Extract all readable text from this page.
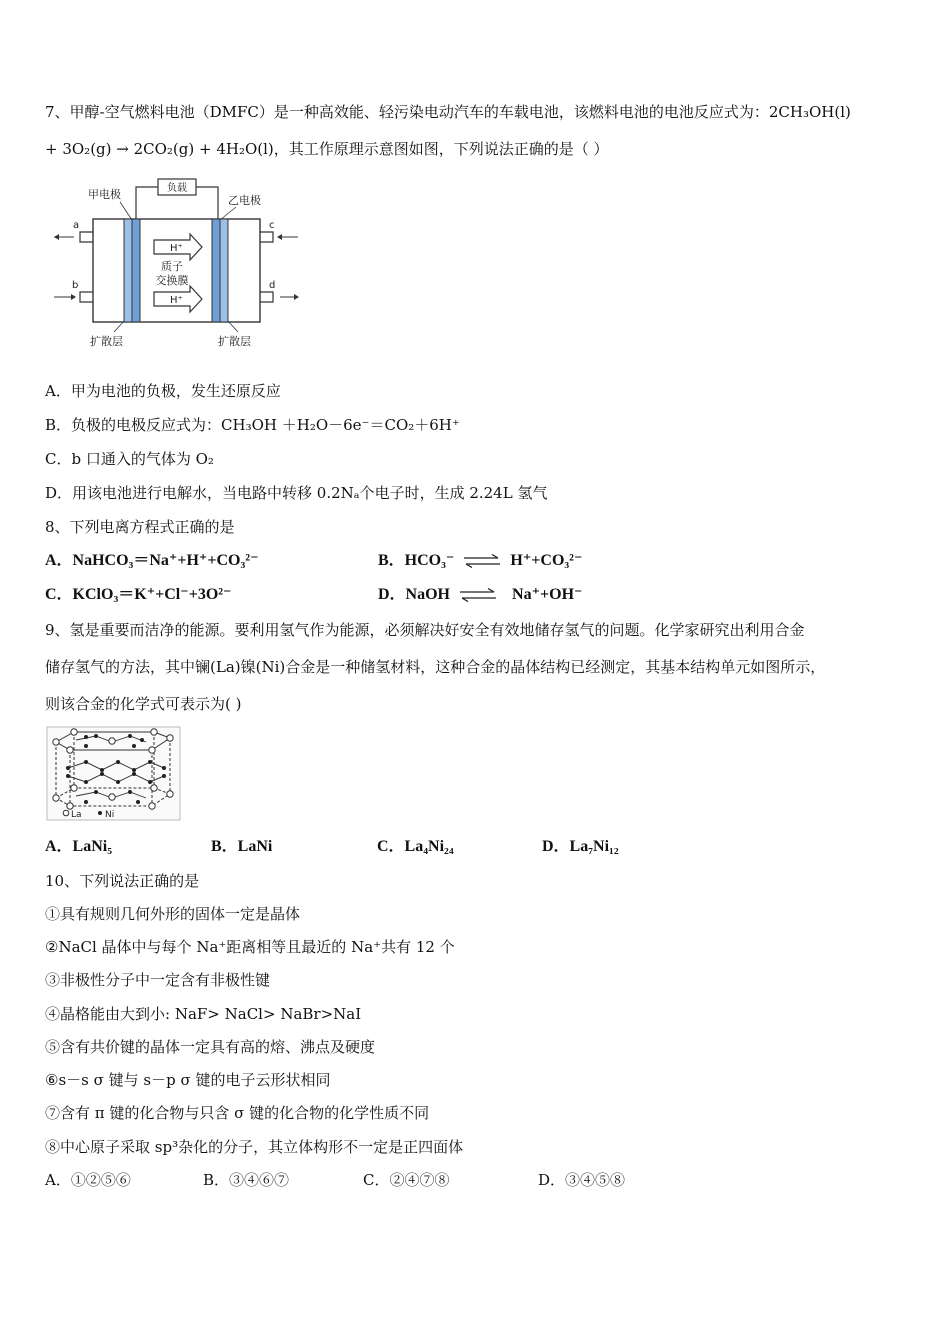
7、甲醇-空气燃料电池（DMFC）是一种高效能、轻污染电动汽车的车载电池，该燃料电池的电池反应式为：2CH₃OH(l)
+ 3O₂(g) → 2CO₂(g) + 4H₂O(l)，其工作原理示意图如图，下列说法正确的是（ ）
负载
甲电极	乙电极
H⁺
质子
交换膜
H⁺
a
b
c
d
扩散层	扩散层
A．甲为电池的负极，发生还原反应
B．负极的电极反应式为：CH₃OH ＋H₂O－6e⁻＝CO₂＋6H⁺
C．b 口通入的气体为 O₂
D．用该电池进行电解水，当电路中转移 0.2Nₐ个电子时，生成 2.24L 氢气
8、下列电离方程式正确的是
A．NaHCO₃＝Na⁺+H⁺+CO₃²⁻	B．HCO₃⁻ ⇌ H⁺+CO₃²⁻
C．KClO₃＝K⁺+Cl⁻+3O²⁻	D．NaOH ⇌ Na⁺+OH⁻
9、氢是重要而洁净的能源。要利用氢气作为能源，必须解决好安全有效地储存氢气的问题。化学家研究出利用合金
储存氢气的方法，其中镧(La)镍(Ni)合金是一种储氢材料，这种合金的晶体结构已经测定，其基本结构单元如图所示，
则该合金的化学式可表示为( )
La	Ni
A．LaNi₅	B．LaNi	C．La₄Ni₂₄	D．La₇Ni₁₂
10、下列说法正确的是
①具有规则几何外形的固体一定是晶体
②NaCl 晶体中与每个 Na⁺距离相等且最近的 Na⁺共有 12 个
③非极性分子中一定含有非极性键
④晶格能由大到小: NaF> NaCl> NaBr>NaI
⑤含有共价键的晶体一定具有高的熔、沸点及硬度
⑥s－s σ 键与 s－p σ 键的电子云形状相同
⑦含有 π 键的化合物与只含 σ 键的化合物的化学性质不同
⑧中心原子采取 sp³杂化的分子，其立体构形不一定是正四面体
A．①②⑤⑥	B．③④⑥⑦	C．②④⑦⑧	D．③④⑤⑧
